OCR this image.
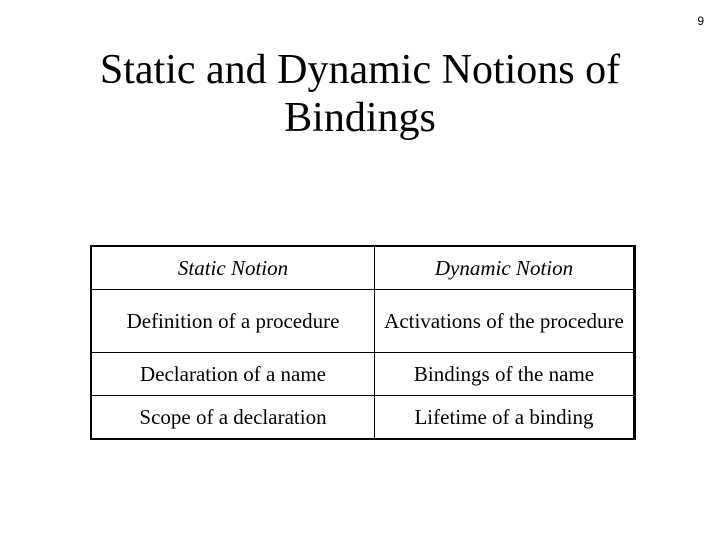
9
Static and Dynamic Notions of
Bindings
Static Notion	Dynamic Notion
Definition of a procedure	Activations of the procedure
Declaration of a name	Bindings of the name
Scope of a declaration	Lifetime of a binding
